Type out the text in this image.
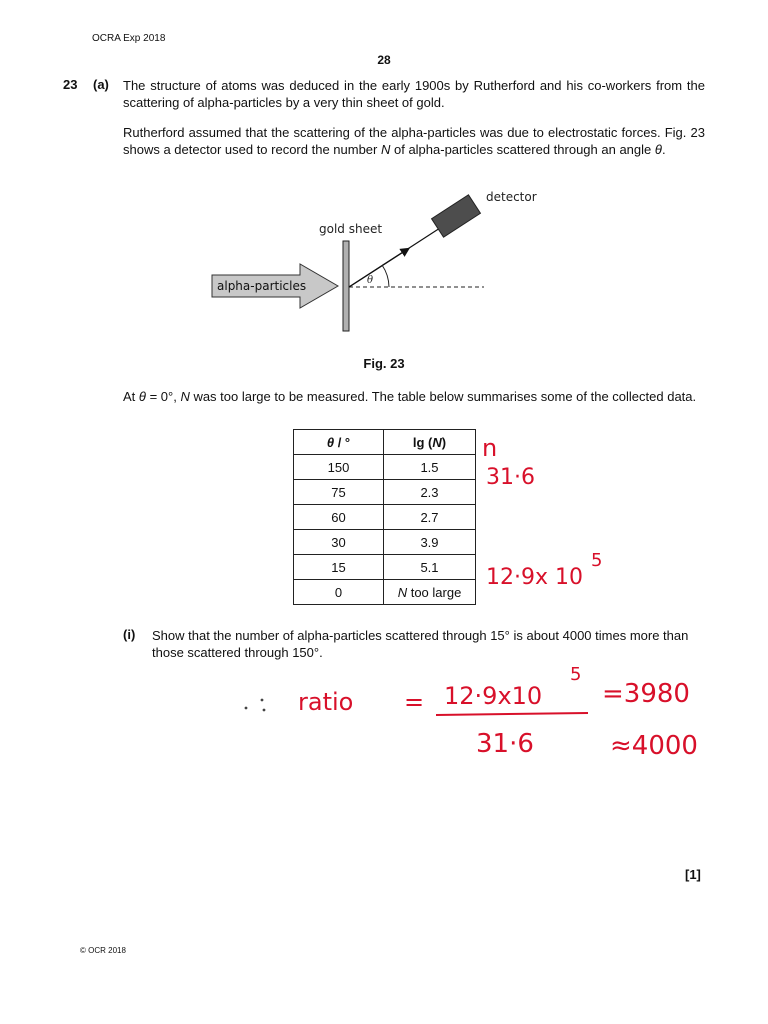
OCRA Exp 2018
28
23 (a) The structure of atoms was deduced in the early 1900s by Rutherford and his co-workers from the scattering of alpha-particles by a very thin sheet of gold.
Rutherford assumed that the scattering of the alpha-particles was due to electrostatic forces. Fig. 23 shows a detector used to record the number N of alpha-particles scattered through an angle θ.
detector
gold sheet
alpha-particles	θ
Fig. 23
At θ = 0°, N was too large to be measured. The table below summarises some of the collected data.
θ / °	lg (N)
150	1.5
75	2.3
60	2.7
30	3.9
15	5.1
0	N too large
(i) Show that the number of alpha-particles scattered through 15° is about 4000 times more than those scattered through 150°.
n
31·6
12·9x 10
5
ratio = 12·9x10
5
31·6
=3980
≈4000
[1]
© OCR 2018
